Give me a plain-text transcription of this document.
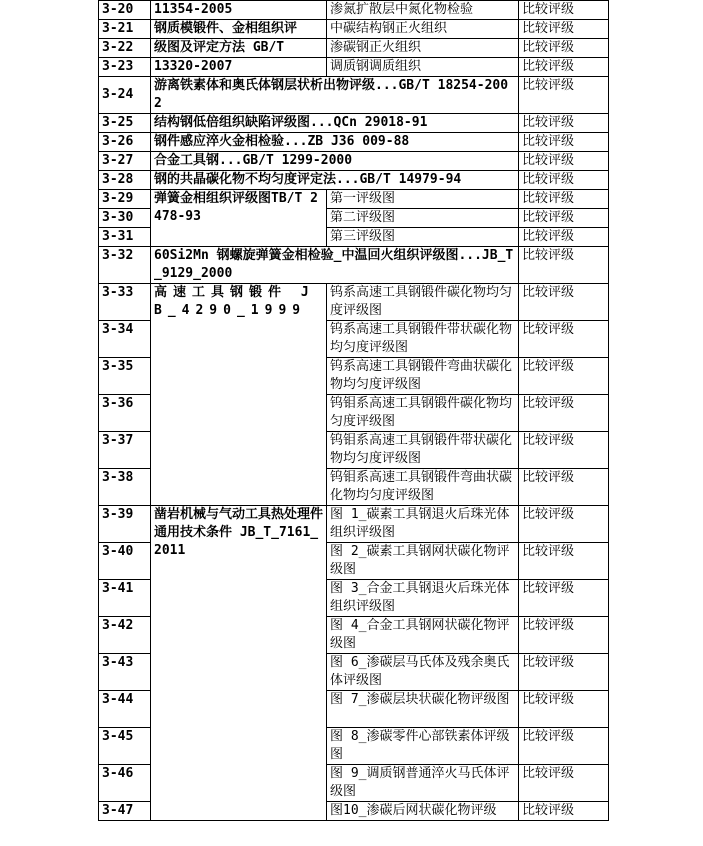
3-20	11354-2005	渗氮扩散层中氮化物检验	比较评级
3-21	钢质模锻件、金相组织评	中碳结构钢正火组织	比较评级
3-22	级图及评定方法 GB/T	渗碳钢正火组织	比较评级
3-23	13320-2007	调质钢调质组织	比较评级
3-24	游离铁素体和奥氏体钢层状析出物评级...GB/T 18254-2002		比较评级
3-25	结构钢低倍组织缺陷评级图...QCn 29018-91		比较评级
3-26	钢件感应淬火金相检验...ZB J36 009-88		比较评级
3-27	合金工具钢...GB/T 1299-2000		比较评级
3-28	钢的共晶碳化物不均匀度评定法...GB/T 14979-94		比较评级
3-29	弹簧金相组织评级图TB/T 2478-93	第一评级图	比较评级
3-30		第二评级图	比较评级
3-31		第三评级图	比较评级
3-32	60Si2Mn 钢螺旋弹簧金相检验_中温回火组织评级图...JB_T_9129_2000		比较评级
3-33	高速工具钢锻件 JB_4290_1999	钨系高速工具钢锻件碳化物均匀度评级图	比较评级
3-34		钨系高速工具钢锻件带状碳化物均匀度评级图	比较评级
3-35		钨系高速工具钢锻件弯曲状碳化物均匀度评级图	比较评级
3-36		钨钼系高速工具钢锻件碳化物均匀度评级图	比较评级
3-37		钨钼系高速工具钢锻件带状碳化物均匀度评级图	比较评级
3-38		钨钼系高速工具钢锻件弯曲状碳化物均匀度评级图	比较评级
3-39	凿岩机械与气动工具热处理件通用技术条件 JB_T_7161_2011	图 1_碳素工具钢退火后珠光体组织评级图	比较评级
3-40		图 2_碳素工具钢网状碳化物评级图	比较评级
3-41		图 3_合金工具钢退火后珠光体组织评级图	比较评级
3-42		图 4_合金工具钢网状碳化物评级图	比较评级
3-43		图 6_渗碳层马氏体及残余奥氏体评级图	比较评级
3-44		图 7_渗碳层块状碳化物评级图	比较评级
3-45		图 8_渗碳零件心部铁素体评级图	比较评级
3-46		图 9_调质钢普通淬火马氏体评级图	比较评级
3-47		图10_渗碳后网状碳化物评级	比较评级
